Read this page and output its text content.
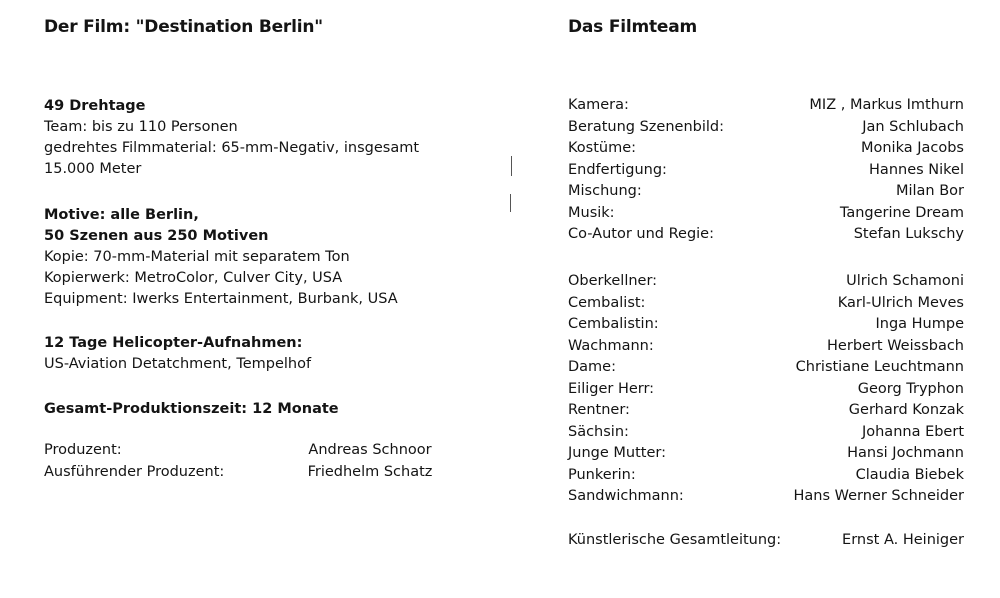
Der Film: "Destination Berlin"
49 Drehtage
Team: bis zu 110 Personen
gedrehtes Filmmaterial: 65-mm-Negativ, insgesamt
15.000 Meter
Motive: alle Berlin,
50 Szenen aus 250 Motiven
Kopie: 70-mm-Material mit separatem Ton
Kopierwerk: MetroColor, Culver City, USA
Equipment: Iwerks Entertainment, Burbank, USA
12 Tage Helicopter-Aufnahmen:
US-Aviation Detatchment, Tempelhof
Gesamt-Produktionszeit: 12 Monate
Produzent:	Andreas Schnoor
Ausführender Produzent:	Friedhelm Schatz
Das Filmteam
Kamera:	MIZ , Markus Imthurn
Beratung Szenenbild:	Jan Schlubach
Kostüme:	Monika Jacobs
Endfertigung:	Hannes Nikel
Mischung:	Milan Bor
Musik:	Tangerine Dream
Co-Autor und Regie:	Stefan Lukschy
Oberkellner:	Ulrich Schamoni
Cembalist:	Karl-Ulrich Meves
Cembalistin:	Inga Humpe
Wachmann:	Herbert Weissbach
Dame:	Christiane Leuchtmann
Eiliger Herr:	Georg Tryphon
Rentner:	Gerhard Konzak
Sächsin:	Johanna Ebert
Junge Mutter:	Hansi Jochmann
Punkerin:	Claudia Biebek
Sandwichmann:	Hans Werner Schneider
Künstlerische Gesamtleitung:	Ernst A. Heiniger
